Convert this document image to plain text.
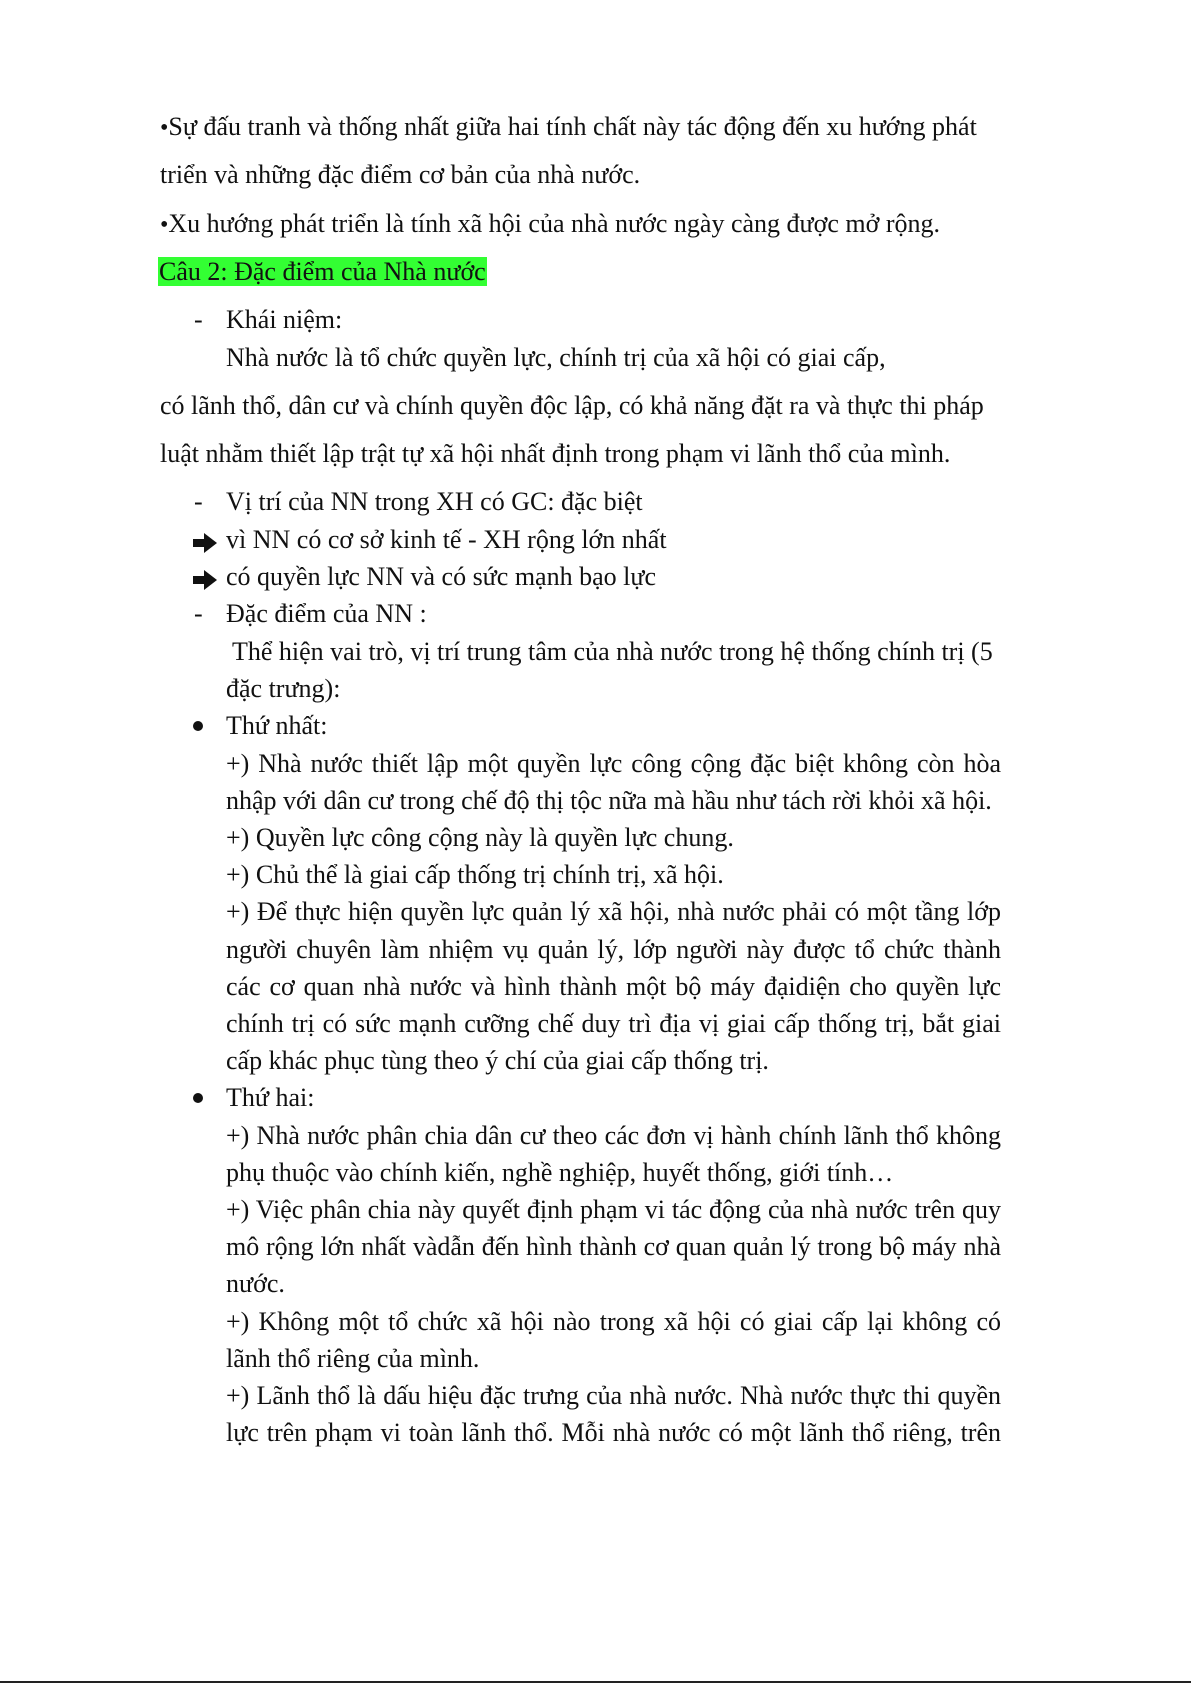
•Sự đấu tranh và thống nhất giữa hai tính chất này tác động đến xu hướng phát
triển và những đặc điểm cơ bản của nhà nước.
•Xu hướng phát triển là tính xã hội của nhà nước ngày càng được mở rộng.
Câu 2: Đặc điểm của Nhà nước
- Khái niệm:
Nhà nước là tổ chức quyền lực, chính trị của xã hội có giai cấp,
có lãnh thổ, dân cư và chính quyền độc lập, có khả năng đặt ra và thực thi pháp
luật nhằm thiết lập trật tự xã hội nhất định trong phạm vi lãnh thổ của mình.
- Vị trí của NN trong XH có GC: đặc biệt
vì NN có cơ sở kinh tế - XH rộng lớn nhất
có quyền lực NN và có sức mạnh bạo lực
- Đặc điểm của NN :
Thể hiện vai trò, vị trí trung tâm của nhà nước trong hệ thống chính trị (5
đặc trưng):
Thứ nhất:
+) Nhà nước thiết lập một quyền lực công cộng đặc biệt không còn hòa
nhập với dân cư trong chế độ thị tộc nữa mà hầu như tách rời khỏi xã hội.
+) Quyền lực công cộng này là quyền lực chung.
+) Chủ thể là giai cấp thống trị chính trị, xã hội.
+) Để thực hiện quyền lực quản lý xã hội, nhà nước phải có một tầng lớp
người chuyên làm nhiệm vụ quản lý, lớp người này được tổ chức thành
các cơ quan nhà nước và hình thành một bộ máy đạidiện cho quyền lực
chính trị có sức mạnh cưỡng chế duy trì địa vị giai cấp thống trị, bắt giai
cấp khác phục tùng theo ý chí của giai cấp thống trị.
Thứ hai:
+) Nhà nước phân chia dân cư theo các đơn vị hành chính lãnh thổ không
phụ thuộc vào chính kiến, nghề nghiệp, huyết thống, giới tính…
+) Việc phân chia này quyết định phạm vi tác động của nhà nước trên quy
mô rộng lớn nhất vàdẫn đến hình thành cơ quan quản lý trong bộ máy nhà
nước.
+) Không một tổ chức xã hội nào trong xã hội có giai cấp lại không có
lãnh thổ riêng của mình.
+) Lãnh thổ là dấu hiệu đặc trưng của nhà nước. Nhà nước thực thi quyền
lực trên phạm vi toàn lãnh thổ. Mỗi nhà nước có một lãnh thổ riêng, trên
